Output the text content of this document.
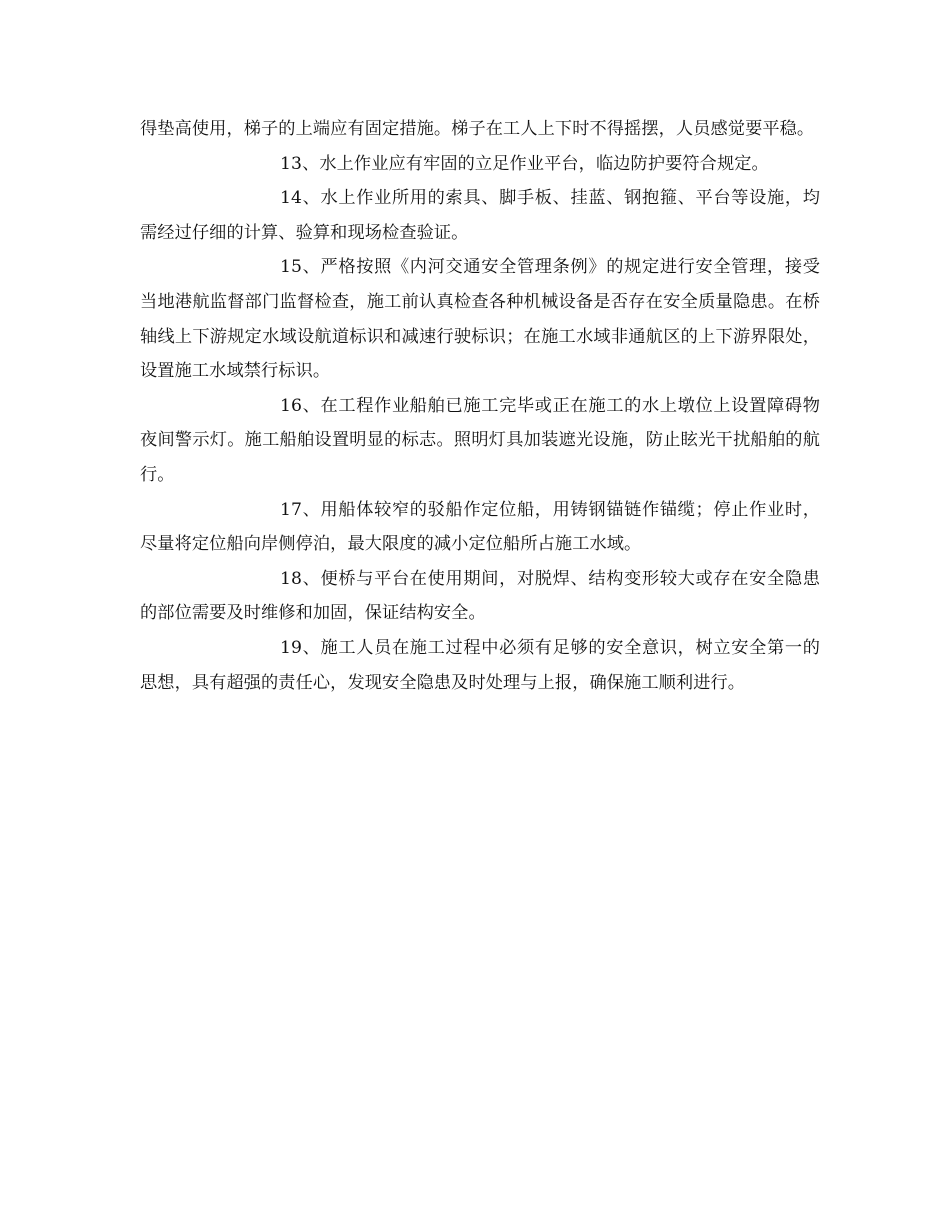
得垫高使用，梯子的上端应有固定措施。梯子在工人上下时不得摇摆，人员感觉要平稳。

13、水上作业应有牢固的立足作业平台，临边防护要符合规定。

14、水上作业所用的索具、脚手板、挂蓝、钢抱箍、平台等设施，均需经过仔细的计算、验算和现场检查验证。

15、严格按照《内河交通安全管理条例》的规定进行安全管理，接受当地港航监督部门监督检查，施工前认真检查各种机械设备是否存在安全质量隐患。在桥轴线上下游规定水域设航道标识和减速行驶标识；在施工水域非通航区的上下游界限处，设置施工水域禁行标识。

16、在工程作业船舶已施工完毕或正在施工的水上墩位上设置障碍物夜间警示灯。施工船舶设置明显的标志。照明灯具加装遮光设施，防止眩光干扰船舶的航行。

17、用船体较窄的驳船作定位船，用铸钢锚链作锚缆；停止作业时，尽量将定位船向岸侧停泊，最大限度的减小定位船所占施工水域。

18、便桥与平台在使用期间，对脱焊、结构变形较大或存在安全隐患的部位需要及时维修和加固，保证结构安全。

19、施工人员在施工过程中必须有足够的安全意识，树立安全第一的思想，具有超强的责任心，发现安全隐患及时处理与上报，确保施工顺利进行。
